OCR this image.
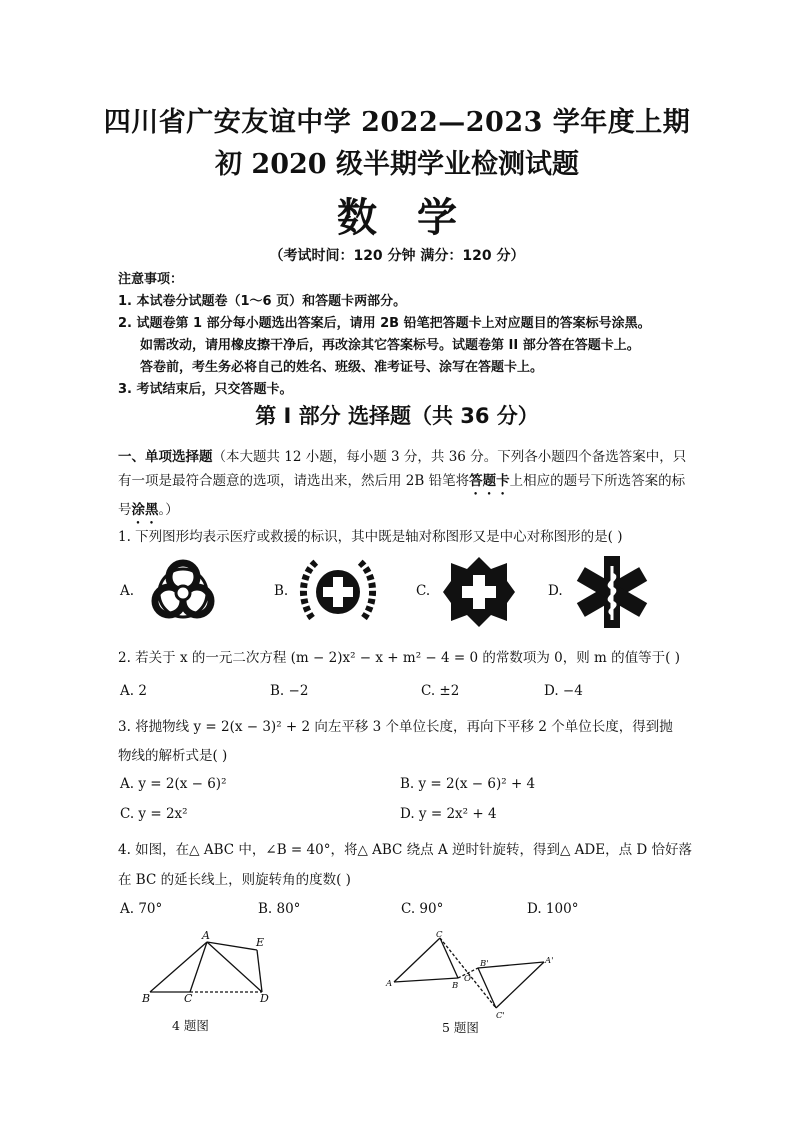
四川省广安友谊中学 2022—2023 学年度上期
初 2020 级半期学业检测试题
数学
（考试时间：120 分钟 满分：120 分）
注意事项：
1. 本试卷分试题卷（1～6 页）和答题卡两部分。
2. 试题卷第 1 部分每小题选出答案后，请用 2B 铅笔把答题卡上对应题目的答案标号涂黑。
如需改动，请用橡皮擦干净后，再改涂其它答案标号。试题卷第 II 部分答在答题卡上。
答卷前，考生务必将自己的姓名、班级、准考证号、涂写在答题卡上。
3. 考试结束后，只交答题卡。
第 I 部分 选择题（共 36 分）
一、单项选择题（本大题共 12 小题，每小题 3 分，共 36 分。下列各小题四个备选答案中，只有一项是最符合题意的选项，请选出来，然后用 2B 铅笔将答题卡上相应的题号下所选答案的标号涂黑。）
1. 下列图形均表示医疗或救援的标识，其中既是轴对称图形又是中心对称图形的是( )
A.	B.	C.	D.
2. 若关于 x 的一元二次方程 (m − 2)x² − x + m² − 4 = 0 的常数项为 0，则 m 的值等于( )
A. 2	B. −2	C. ±2	D. −4
3. 将抛物线 y = 2(x − 3)² + 2 向左平移 3 个单位长度，再向下平移 2 个单位长度，得到抛
物线的解析式是( )
A. y = 2(x − 6)²	B. y = 2(x − 6)² + 4
C. y = 2x²	D. y = 2x² + 4
4. 如图，在△ ABC 中，∠B = 40°，将△ ABC 绕点 A 逆时针旋转，得到△ ADE，点 D 恰好落
在 BC 的延长线上，则旋转角的度数( )
A. 70°	B. 80°	C. 90°	D. 100°
A
E
B	C	D
4 题图
C
B'	A'
A	O
B
C'
5 题图
